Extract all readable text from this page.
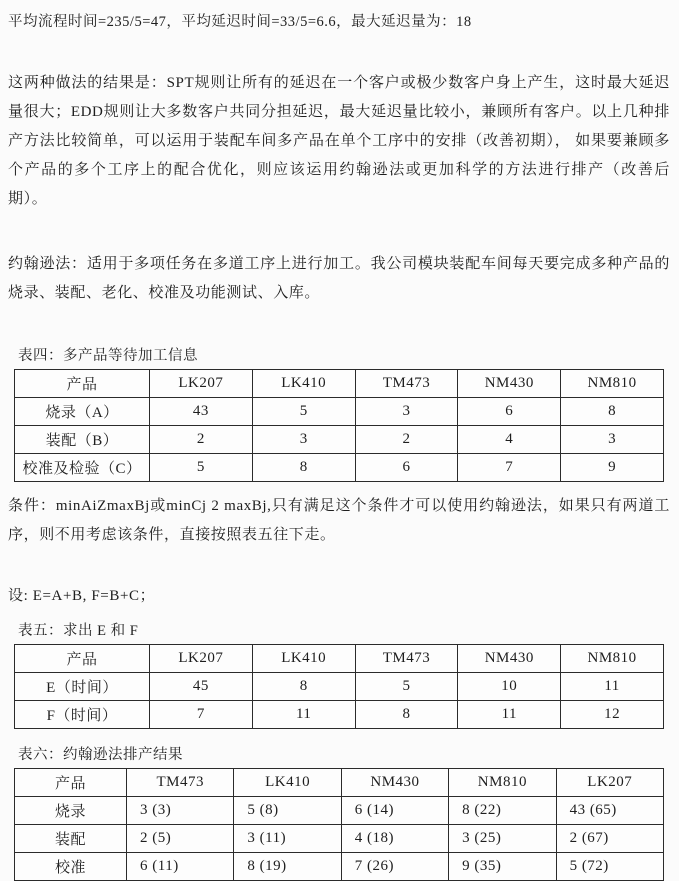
平均流程时间=235/5=47，平均延迟时间=33/5=6.6，最大延迟量为：18

这两种做法的结果是：SPT规则让所有的延迟在一个客户或极少数客户身上产生，这时最大延迟量很大；EDD规则让大多数客户共同分担延迟，最大延迟量比较小，兼顾所有客户。以上几种排产方法比较简单，可以运用于装配车间多产品在单个工序中的安排（改善初期）， 如果要兼顾多个产品的多个工序上的配合优化，则应该运用约翰逊法或更加科学的方法进行排产（改善后期）。

约翰逊法：适用于多项任务在多道工序上进行加工。我公司模块装配车间每天要完成多种产品的烧录、装配、老化、校准及功能测试、入库。

表四：多产品等待加工信息

产品	LK207	LK410	TM473	NM430	NM810
烧录（A）	43	5	3	6	8
装配（B）	2	3	2	4	3
校准及检验（C）	5	8	6	7	9

条件：minAiZmaxBj或minCj 2 maxBj,只有满足这个条件才可以使用约翰逊法，如果只有两道工序，则不用考虑该条件，直接按照表五往下走。

设: E=A+B, F=B+C；

表五：求出 E 和 F

产品	LK207	LK410	TM473	NM430	NM810
E（时间）	45	8	5	10	11
F（时间）	7	11	8	11	12

表六：约翰逊法排产结果

产品	TM473	LK410	NM430	NM810	LK207
烧录	3 (3)	5 (8)	6 (14)	8 (22)	43 (65)
装配	2 (5)	3 (11)	4 (18)	3 (25)	2 (67)
校准	6 (11)	8 (19)	7 (26)	9 (35)	5 (72)
